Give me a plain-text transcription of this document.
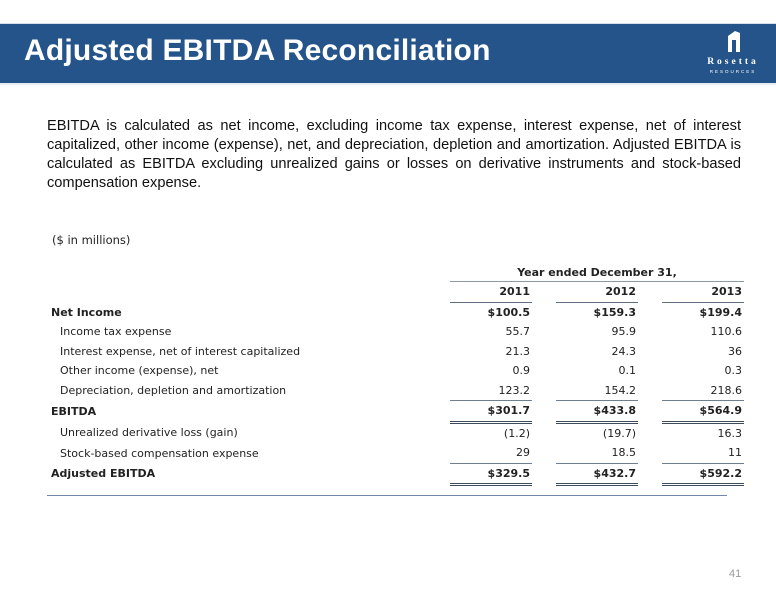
Adjusted EBITDA Reconciliation	Rosetta
RESOURCES
EBITDA is calculated as net income, excluding income tax expense, interest expense, net of interest capitalized, other income (expense), net, and depreciation, depletion and amortization. Adjusted EBITDA is calculated as EBITDA excluding unrealized gains or losses on derivative instruments and stock-based compensation expense.
($ in millions)
	Year ended December 31,				
	2011		2012		2013
Net Income	$100.5		$159.3		$199.4
Income tax expense	55.7		95.9		110.6
Interest expense, net of interest capitalized	21.3		24.3		36
Other income (expense), net	0.9		0.1		0.3
Depreciation, depletion and amortization	123.2		154.2		218.6
EBITDA	$301.7		$433.8		$564.9
Unrealized derivative loss (gain)	(1.2)		(19.7)		16.3
Stock-based compensation expense	29		18.5		11
Adjusted EBITDA	$329.5		$432.7		$592.2
41
